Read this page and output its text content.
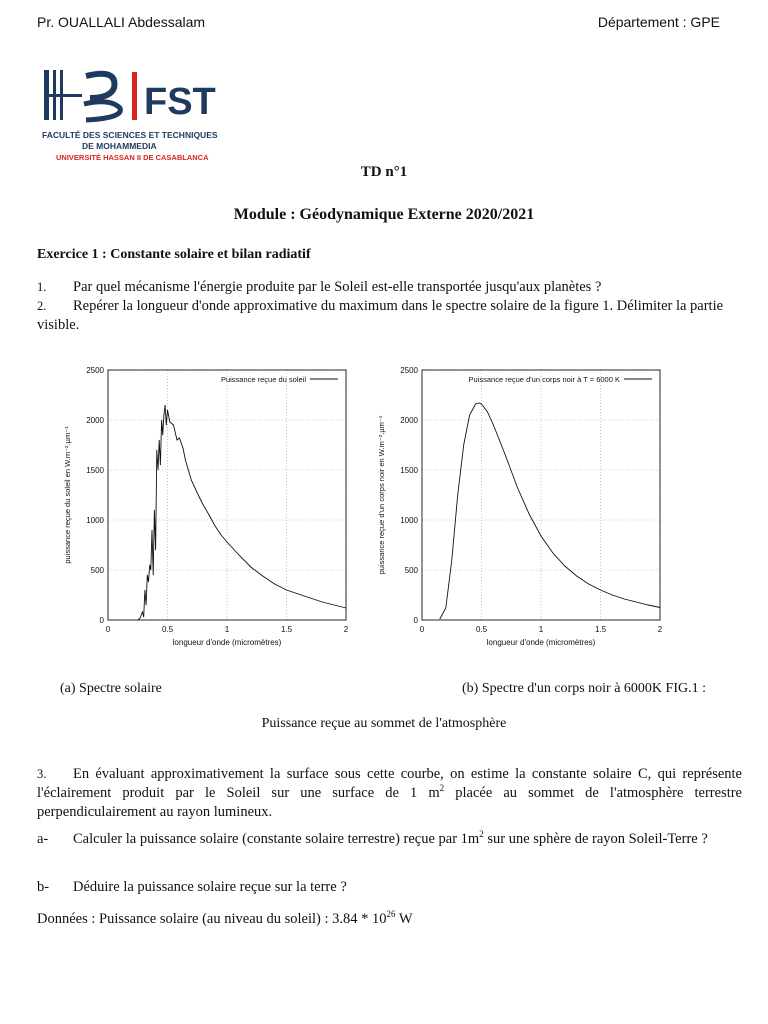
Pr. OUALLALI Abdessalam	Département : GPE
FST
FACULTÉ DES SCIENCES ET TECHNIQUES
DE MOHAMMEDIA
UNIVERSITÉ HASSAN II DE CASABLANCA
TD n°1
Module : Géodynamique Externe 2020/2021
Exercice 1 : Constante solaire et bilan radiatif
1. Par quel mécanisme l'énergie produite par le Soleil est-elle transportée jusqu'aux planètes ?
2. Repérer la longueur d'onde approximative du maximum dans le spectre solaire de la figure 1. Délimiter la partie visible.
0	0.5	1	1.5	2
0
500
1000
1500
2000
2500
Puissance reçue du soleil
longueur d'onde (micromètres)
puissance reçue du soleil en W.m⁻².µm⁻¹
0	0.5	1	1.5	2
0
500
1000
1500
2000
2500
Puissance reçue d'un corps noir à T = 6000 K
longueur d'onde (micromètres)
puissance reçue d'un corps noir en W.m⁻².µm⁻¹
(a) Spectre solaire	(b) Spectre d'un corps noir à 6000K FIG.1 :
Puissance reçue au sommet de l'atmosphère
3. En évaluant approximativement la surface sous cette courbe, on estime la constante solaire C, qui représente l'éclairement produit par le Soleil sur une surface de 1 $m^2$ placée au sommet de l'atmosphère terrestre perpendiculairement au rayon lumineux.
a- Calculer la puissance solaire (constante solaire terrestre) reçue par $1m^2$ sur une sphère de rayon Soleil-Terre ?
b- Déduire la puissance solaire reçue sur la terre ?
Données : Puissance solaire (au niveau du soleil) : $3.84 * 10^{26}$ W
